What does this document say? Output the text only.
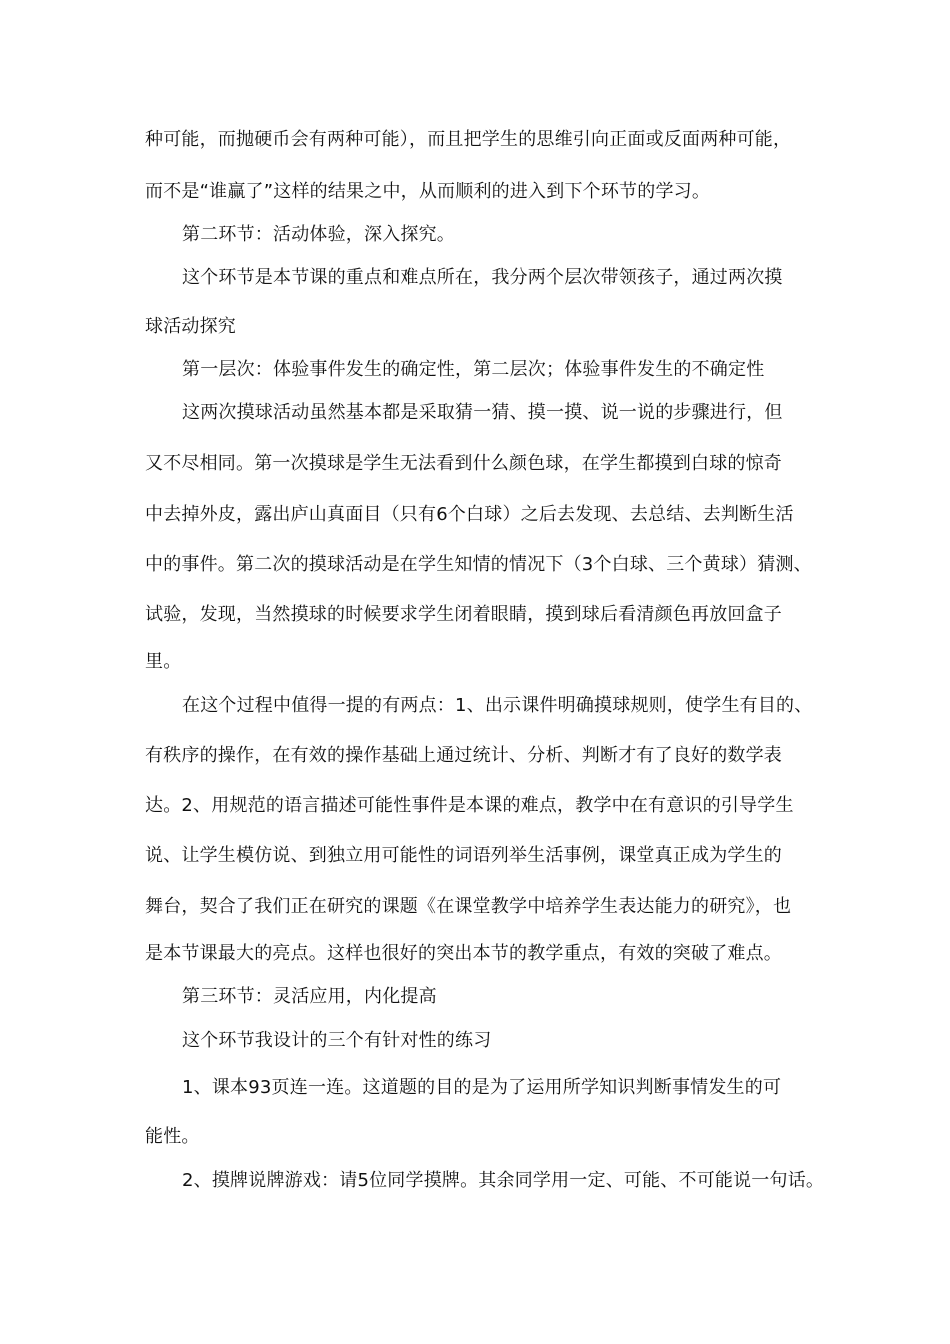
种可能，而抛硬币会有两种可能），而且把学生的思维引向正面或反面两种可能，
而不是“谁赢了”这样的结果之中，从而顺利的进入到下个环节的学习。
第二环节：活动体验，深入探究。
这个环节是本节课的重点和难点所在，我分两个层次带领孩子，通过两次摸
球活动探究
第一层次：体验事件发生的确定性，第二层次；体验事件发生的不确定性
这两次摸球活动虽然基本都是采取猜一猜、摸一摸、说一说的步骤进行，但
又不尽相同。第一次摸球是学生无法看到什么颜色球，在学生都摸到白球的惊奇
中去掉外皮，露出庐山真面目（只有6个白球）之后去发现、去总结、去判断生活
中的事件。第二次的摸球活动是在学生知情的情况下（3个白球、三个黄球）猜测、
试验，发现，当然摸球的时候要求学生闭着眼睛，摸到球后看清颜色再放回盒子
里。
在这个过程中值得一提的有两点：1、出示课件明确摸球规则，使学生有目的、
有秩序的操作，在有效的操作基础上通过统计、分析、判断才有了良好的数学表
达。2、用规范的语言描述可能性事件是本课的难点，教学中在有意识的引导学生
说、让学生模仿说、到独立用可能性的词语列举生活事例，课堂真正成为学生的
舞台，契合了我们正在研究的课题《在课堂教学中培养学生表达能力的研究》，也
是本节课最大的亮点。这样也很好的突出本节的教学重点，有效的突破了难点。
第三环节：灵活应用，内化提高
这个环节我设计的三个有针对性的练习
1、课本93页连一连。这道题的目的是为了运用所学知识判断事情发生的可
能性。
2、摸牌说牌游戏：请5位同学摸牌。其余同学用一定、可能、不可能说一句话。
